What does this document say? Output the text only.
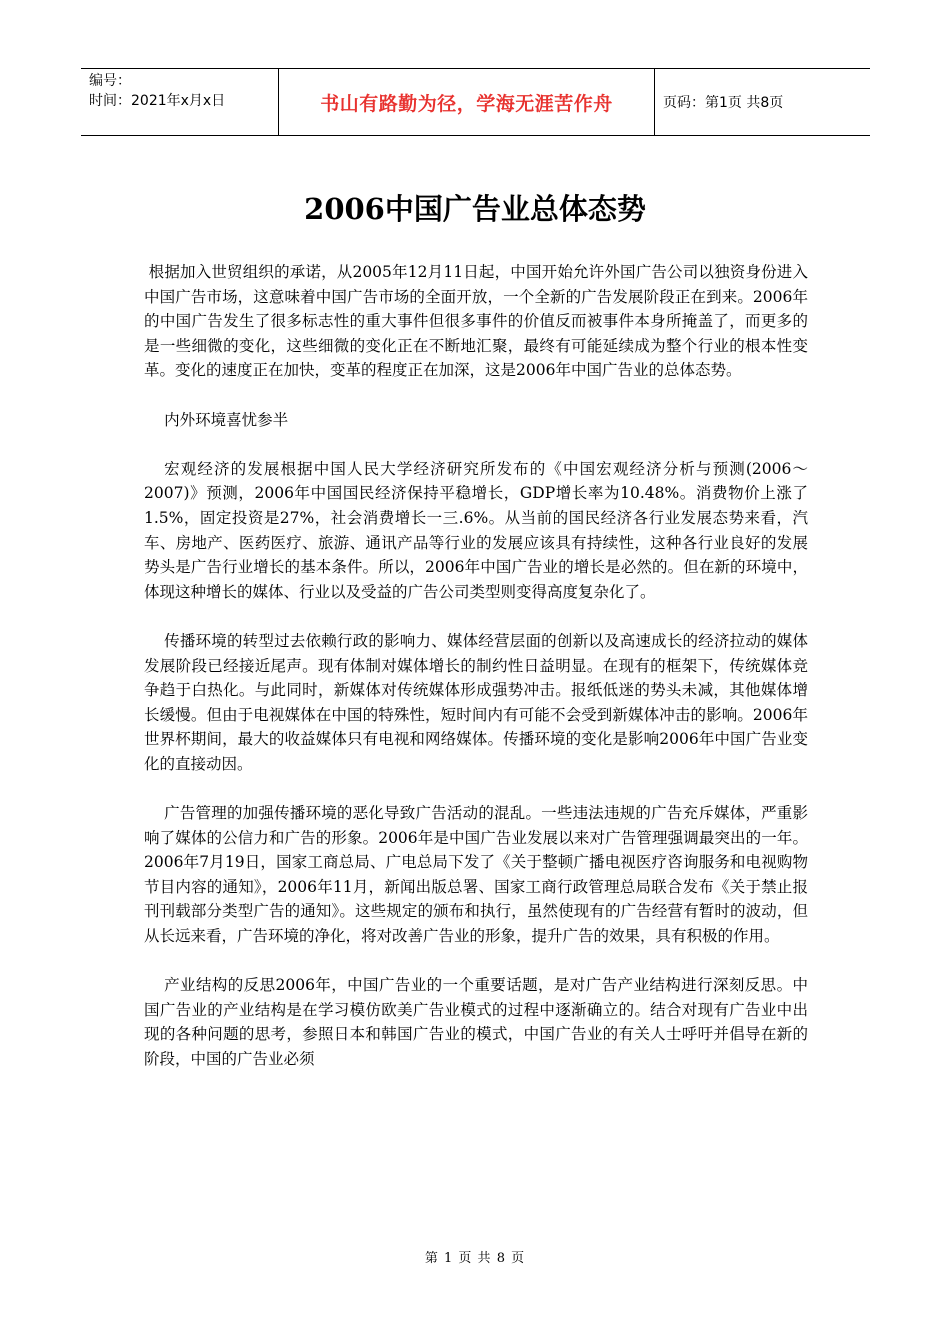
编号：
时间：2021年x月x日	书山有路勤为径，学海无涯苦作舟	页码：第1页 共8页
2006中国广告业总体态势

根据加入世贸组织的承诺，从2005年12月11日起，中国开始允许外国广告公司以独资身份进入中国广告市场，这意味着中国广告市场的全面开放，一个全新的广告发展阶段正在到来。2006年的中国广告发生了很多标志性的重大事件但很多事件的价值反而被事件本身所掩盖了，而更多的是一些细微的变化，这些细微的变化正在不断地汇聚，最终有可能延续成为整个行业的根本性变革。变化的速度正在加快，变革的程度正在加深，这是2006年中国广告业的总体态势。

内外环境喜忧参半

宏观经济的发展根据中国人民大学经济研究所发布的《中国宏观经济分析与预测(2006～2007)》预测，2006年中国国民经济保持平稳增长，GDP增长率为10.48%。消费物价上涨了1.5%，固定投资是27%，社会消费增长一三.6%。从当前的国民经济各行业发展态势来看，汽车、房地产、医药医疗、旅游、通讯产品等行业的发展应该具有持续性，这种各行业良好的发展势头是广告行业增长的基本条件。所以，2006年中国广告业的增长是必然的。但在新的环境中，体现这种增长的媒体、行业以及受益的广告公司类型则变得高度复杂化了。

传播环境的转型过去依赖行政的影响力、媒体经营层面的创新以及高速成长的经济拉动的媒体发展阶段已经接近尾声。现有体制对媒体增长的制约性日益明显。在现有的框架下，传统媒体竞争趋于白热化。与此同时，新媒体对传统媒体形成强势冲击。报纸低迷的势头未减，其他媒体增长缓慢。但由于电视媒体在中国的特殊性，短时间内有可能不会受到新媒体冲击的影响。2006年世界杯期间，最大的收益媒体只有电视和网络媒体。传播环境的变化是影响2006年中国广告业变化的直接动因。

广告管理的加强传播环境的恶化导致广告活动的混乱。一些违法违规的广告充斥媒体，严重影响了媒体的公信力和广告的形象。2006年是中国广告业发展以来对广告管理强调最突出的一年。2006年7月19日，国家工商总局、广电总局下发了《关于整顿广播电视医疗咨询服务和电视购物节目内容的通知》，2006年11月，新闻出版总署、国家工商行政管理总局联合发布《关于禁止报刊刊载部分类型广告的通知》。这些规定的颁布和执行，虽然使现有的广告经营有暂时的波动，但从长远来看，广告环境的净化，将对改善广告业的形象，提升广告的效果，具有积极的作用。

产业结构的反思2006年，中国广告业的一个重要话题，是对广告产业结构进行深刻反思。中国广告业的产业结构是在学习模仿欧美广告业模式的过程中逐渐确立的。结合对现有广告业中出现的各种问题的思考，参照日本和韩国广告业的模式，中国广告业的有关人士呼吁并倡导在新的阶段，中国的广告业必须

第 1 页 共 8 页
